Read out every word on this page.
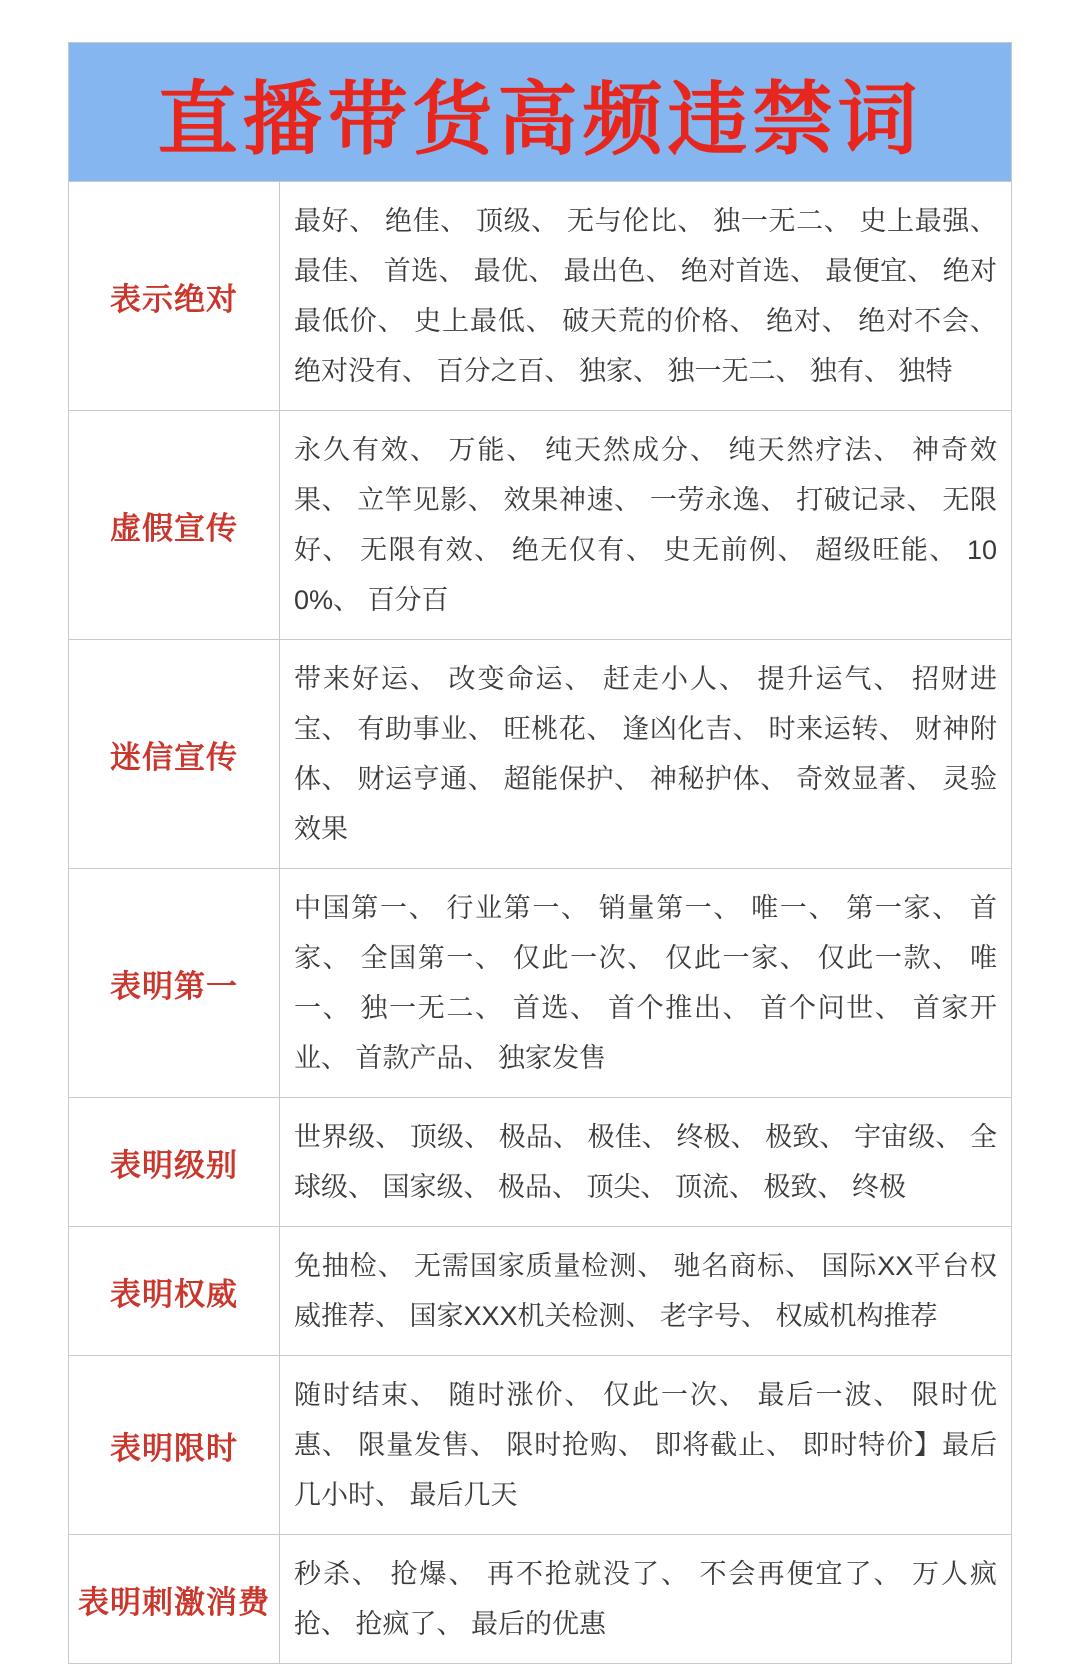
直播带货高频违禁词
表示绝对
最好、 绝佳、 顶级、 无与伦比、 独一无二、 史上最强、 最佳、 首选、 最优、 最出色、 绝对首选、 最便宜、 绝对最低价、 史上最低、 破天荒的价格、 绝对、 绝对不会、 绝对没有、 百分之百、 独家、 独一无二、 独有、 独特
虚假宣传
永久有效、 万能、 纯天然成分、 纯天然疗法、 神奇效果、 立竿见影、 效果神速、 一劳永逸、 打破记录、 无限好、 无限有效、 绝无仅有、 史无前例、 超级旺能、 100%、 百分百
迷信宣传
带来好运、 改变命运、 赶走小人、 提升运气、 招财进宝、 有助事业、 旺桃花、 逢凶化吉、 时来运转、 财神附体、 财运亨通、 超能保护、 神秘护体、 奇效显著、 灵验效果
表明第一
中国第一、 行业第一、 销量第一、 唯一、 第一家、 首家、 全国第一、 仅此一次、 仅此一家、 仅此一款、 唯一、 独一无二、 首选、 首个推出、 首个问世、 首家开业、 首款产品、 独家发售
表明级别
世界级、 顶级、 极品、 极佳、 终极、 极致、 宇宙级、 全球级、 国家级、 极品、 顶尖、 顶流、 极致、 终极
表明权威
免抽检、 无需国家质量检测、 驰名商标、 国际XX平台权威推荐、 国家XXX机关检测、 老字号、 权威机构推荐
表明限时
随时结束、 随时涨价、 仅此一次、 最后一波、 限时优惠、 限量发售、 限时抢购、 即将截止、 即时特价】最后几小时、 最后几天
表明刺激消费
秒杀、 抢爆、 再不抢就没了、 不会再便宜了、 万人疯抢、 抢疯了、 最后的优惠
